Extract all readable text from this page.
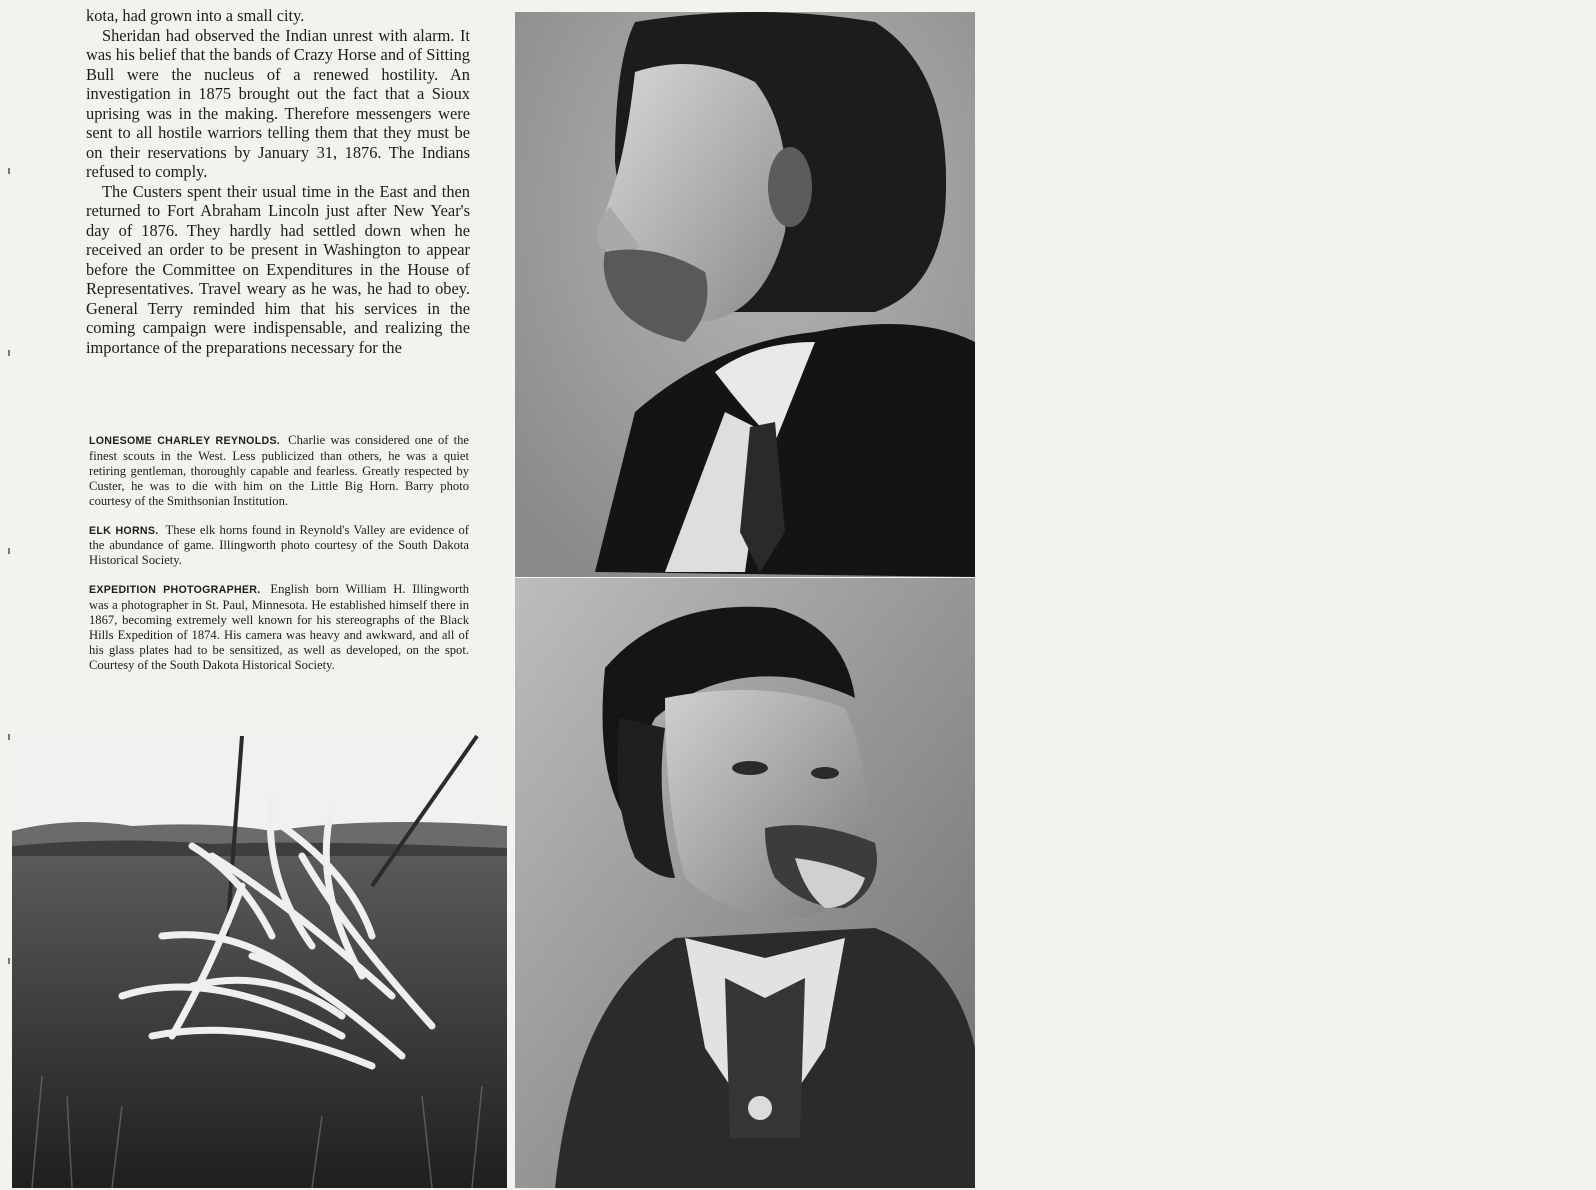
kota, had grown into a small city.

Sheridan had observed the Indian unrest with alarm. It was his belief that the bands of Crazy Horse and of Sitting Bull were the nucleus of a renewed hostility. An investigation in 1875 brought out the fact that a Sioux uprising was in the making. Therefore messengers were sent to all hostile warriors telling them that they must be on their reservations by January 31, 1876. The Indians refused to comply.

The Custers spent their usual time in the East and then returned to Fort Abraham Lincoln just after New Year's day of 1876. They hardly had settled down when he received an order to be present in Washington to appear before the Committee on Expenditures in the House of Representatives. Travel weary as he was, he had to obey. General Terry reminded him that his services in the coming campaign were indispensable, and realizing the importance of the preparations necessary for the

LONESOME CHARLEY REYNOLDS. Charlie was considered one of the finest scouts in the West. Less publicized than others, he was a quiet retiring gentleman, thoroughly capable and fearless. Greatly respected by Custer, he was to die with him on the Little Big Horn. Barry photo courtesy of the Smithsonian Institution.

ELK HORNS. These elk horns found in Reynold's Valley are evidence of the abundance of game. Illingworth photo courtesy of the South Dakota Historical Society.

EXPEDITION PHOTOGRAPHER. English born William H. Illingworth was a photographer in St. Paul, Minnesota. He established himself there in 1867, becoming extremely well known for his stereographs of the Black Hills Expedition of 1874. His camera was heavy and awkward, and all of his glass plates had to be sensitized, as well as developed, on the spot. Courtesy of the South Dakota Historical Society.

Barry

Photo
